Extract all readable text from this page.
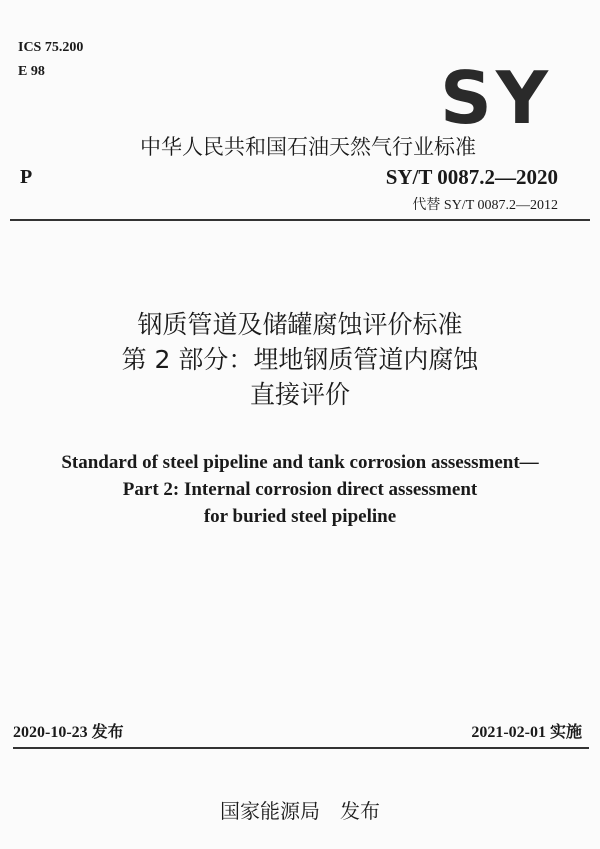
ICS 75.200
E 98	SY
中华人民共和国石油天然气行业标准
P	SY/T 0087.2—2020
代替 SY/T 0087.2—2012
钢质管道及储罐腐蚀评价标准
第 2 部分：埋地钢质管道内腐蚀
直接评价
Standard of steel pipeline and tank corrosion assessment—
Part 2: Internal corrosion direct assessment
for buried steel pipeline
2020-10-23 发布	2021-02-01 实施
国家能源局　发布
